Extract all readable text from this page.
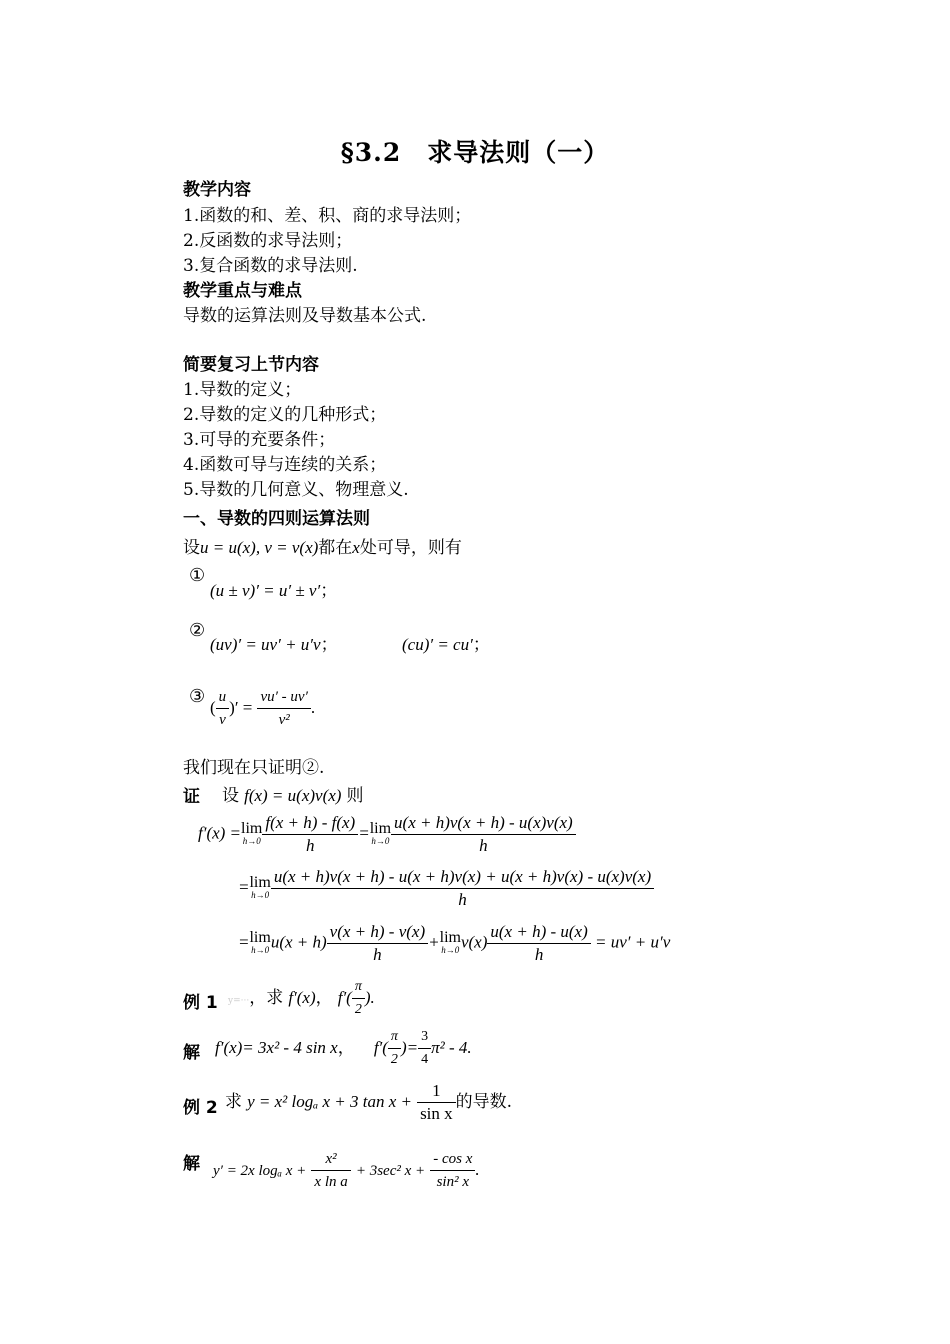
§3.2　求导法则（一）
教学内容
1.函数的和、差、积、商的求导法则；
2.反函数的求导法则；
3.复合函数的求导法则.
教学重点与难点
导数的运算法则及导数基本公式.
简要复习上节内容
1.导数的定义；
2.导数的定义的几种形式；
3.可导的充要条件；
4.函数可导与连续的关系；
5.导数的几何意义、物理意义.
一、导数的四则运算法则
设u = u(x), v = v(x)都在x处可导，则有
①
(u ± v)′ = u′ ± v′；
②
(uv)′ = uv′ + u′v；	(cu)′ = cu′；
③
( $\frac{u}{v}$ )′ = $\frac{vu' - uv'}{\text{v²}}$ .
我们现在只证明②.
证 设 f(x) = u(x)v(x) 则
f′(x) = lim
$h\to 0 \frac{f(x + h) - f(x)}{h} = \lim$
$h\to 0 \frac{u(x + h)v(x + h) - u(x)v(x)}{h}$
= lim
$h\to 0 \frac{u(x + h)v(x + h) - u(x + h)v(x) + u(x + h)v(x) - u(x)v(x)}{h}$
= lim
h→0 $u(x + h) \frac{v(x + h) - v(x)}{h} + \lim$
h→0 $v(x) \frac{u(x + h) - u(x)}{h} = uv' + u'v$
例 1 y=···，求 f′(x)， $f'( \frac{\pi}{2}$ ).
解 f′(x)= 3x² - 4 sin x， $f'( \frac{\pi}{2}$ )= $\frac{3}{4} \pi^2 - 4$.
例 2 求 y = x² logₐ x + 3 $\tan x + \frac{1}{\text{sin x}}$ 的导数.
解 y′ = 2x logₐ $x + \frac{\text{x²}}{\text{x ln a}} + 3\sec^2$ $x + \frac{\text{- cos x}}{\text{sin² x}}$ .
